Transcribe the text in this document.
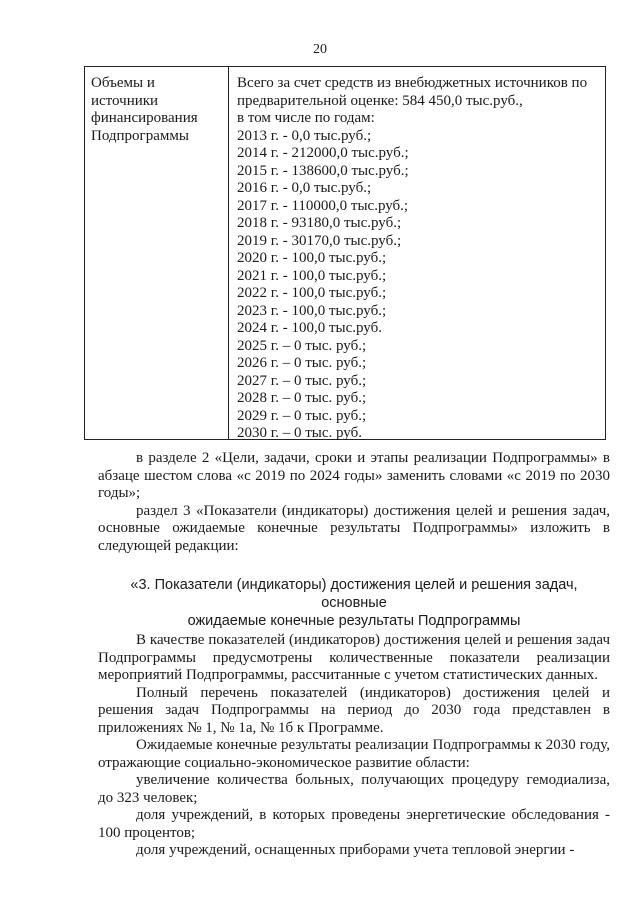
20
Объемы и
источники
финансирования
Подпрограммы
Всего за счет средств из внебюджетных источников по
предварительной оценке: 584 450,0 тыс.руб.,
в том числе по годам:
2013 г. - 0,0 тыс.руб.;
2014 г. - 212000,0 тыс.руб.;
2015 г. - 138600,0 тыс.руб.;
2016 г. - 0,0 тыс.руб.;
2017 г. - 110000,0 тыс.руб.;
2018 г. - 93180,0 тыс.руб.;
2019 г. - 30170,0 тыс.руб.;
2020 г. - 100,0 тыс.руб.;
2021 г. - 100,0 тыс.руб.;
2022 г. - 100,0 тыс.руб.;
2023 г. - 100,0 тыс.руб.;
2024 г. - 100,0 тыс.руб.
2025 г. – 0 тыс. руб.;
2026 г. – 0 тыс. руб.;
2027 г. – 0 тыс. руб.;
2028 г. – 0 тыс. руб.;
2029 г. – 0 тыс. руб.;
2030 г. – 0 тыс. руб.

в разделе 2 «Цели, задачи, сроки и этапы реализации Подпрограммы» в абзаце шестом слова «с 2019 по 2024 годы» заменить словами «с 2019 по 2030 годы»;

раздел 3 «Показатели (индикаторы) достижения целей и решения задач, основные ожидаемые конечные результаты Подпрограммы» изложить в следующей редакции:

«3. Показатели (индикаторы) достижения целей и решения задач, основные
ожидаемые конечные результаты Подпрограммы

В качестве показателей (индикаторов) достижения целей и решения задач Подпрограммы предусмотрены количественные показатели реализации мероприятий Подпрограммы, рассчитанные с учетом статистических данных.

Полный перечень показателей (индикаторов) достижения целей и решения задач Подпрограммы на период до 2030 года представлен в приложениях № 1, № 1а, № 1б к Программе.

Ожидаемые конечные результаты реализации Подпрограммы к 2030 году, отражающие социально-экономическое развитие области:

увеличение количества больных, получающих процедуру гемодиализа, до 323 человек;

доля учреждений, в которых проведены энергетические обследования - 100 процентов;

доля учреждений, оснащенных приборами учета тепловой энергии -
